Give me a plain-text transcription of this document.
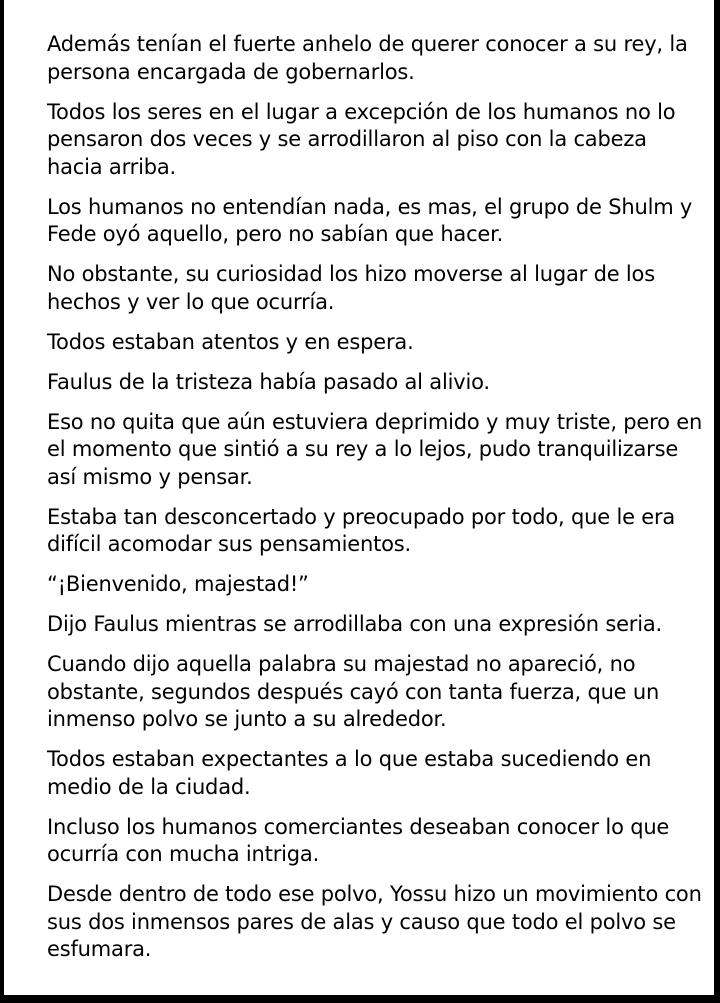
Además tenían el fuerte anhelo de querer conocer a su rey, la persona encargada de gobernarlos.

Todos los seres en el lugar a excepción de los humanos no lo pensaron dos veces y se arrodillaron al piso con la cabeza hacia arriba.

Los humanos no entendían nada, es mas, el grupo de Shulm y Fede oyó aquello, pero no sabían que hacer.

No obstante, su curiosidad los hizo moverse al lugar de los hechos y ver lo que ocurría.

Todos estaban atentos y en espera.

Faulus de la tristeza había pasado al alivio.

Eso no quita que aún estuviera deprimido y muy triste, pero en el momento que sintió a su rey a lo lejos, pudo tranquilizarse así mismo y pensar.

Estaba tan desconcertado y preocupado por todo, que le era difícil acomodar sus pensamientos.

“¡Bienvenido, majestad!”

Dijo Faulus mientras se arrodillaba con una expresión seria.

Cuando dijo aquella palabra su majestad no apareció, no obstante, segundos después cayó con tanta fuerza, que un inmenso polvo se junto a su alrededor.

Todos estaban expectantes a lo que estaba sucediendo en medio de la ciudad.

Incluso los humanos comerciantes deseaban conocer lo que ocurría con mucha intriga.

Desde dentro de todo ese polvo, Yossu hizo un movimiento con sus dos inmensos pares de alas y causo que todo el polvo se esfumara.
